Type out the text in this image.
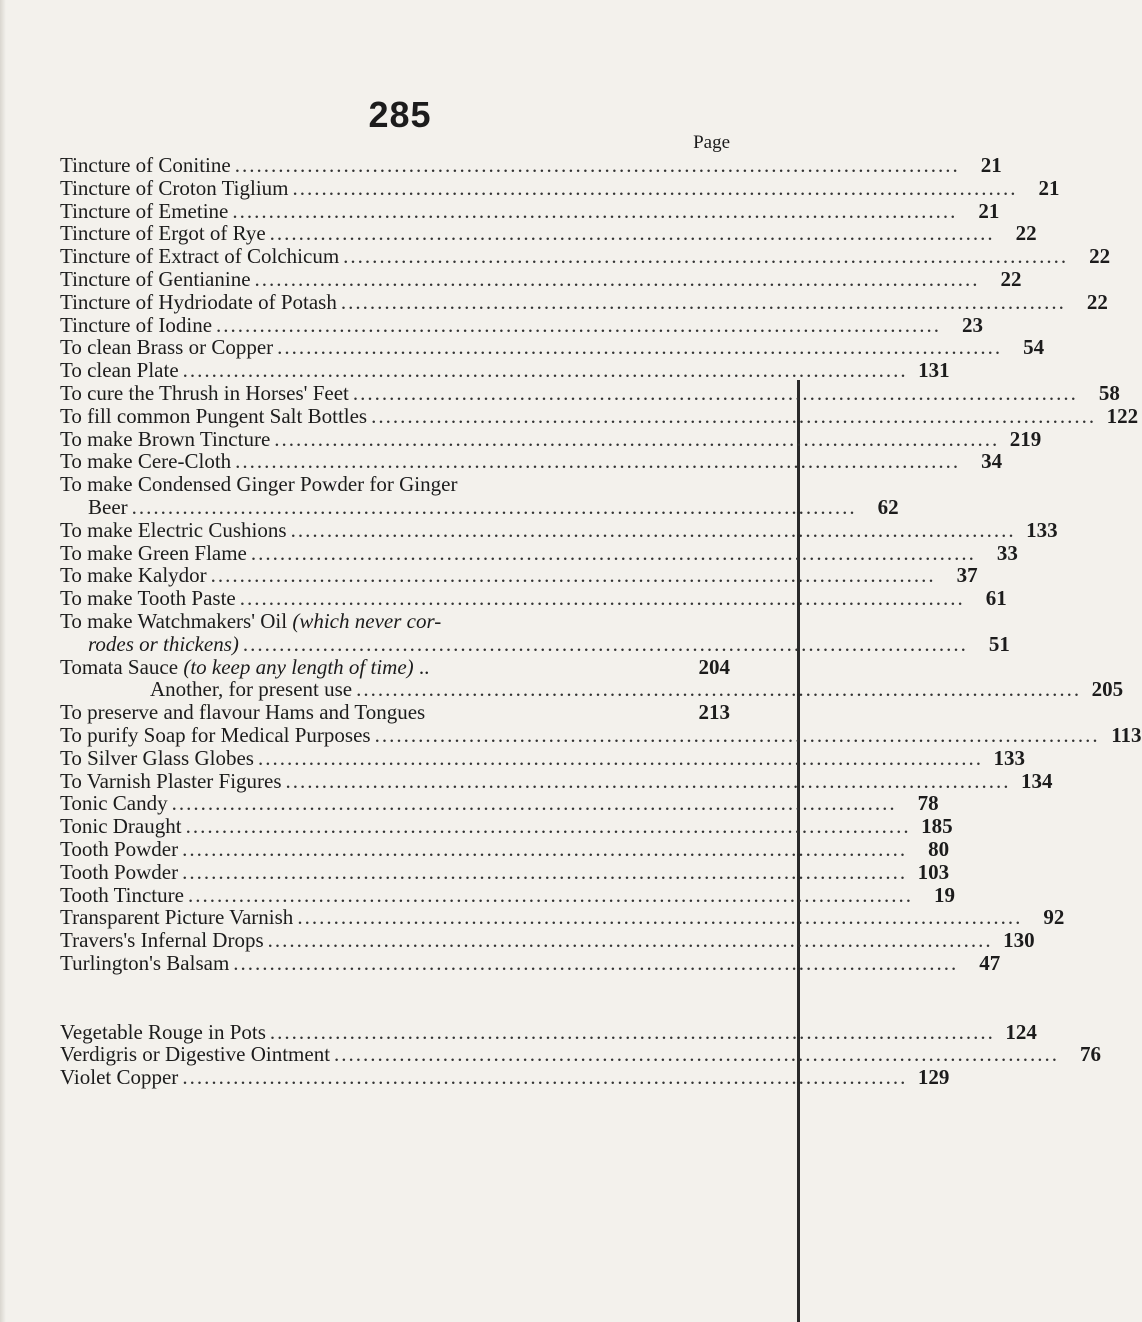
285
Page
Tincture of Conitine ....................................................................................................	21
Tincture of Croton Tiglium ....................................................................................................	21
Tincture of Emetine ....................................................................................................	21
Tincture of Ergot of Rye ....................................................................................................	22
Tincture of Extract of Colchicum ....................................................................................................	22
Tincture of Gentianine ....................................................................................................	22
Tincture of Hydriodate of Potash ....................................................................................................	22
Tincture of Iodine ....................................................................................................	23
To clean Brass or Copper ....................................................................................................	54
To clean Plate .................................................................................................... 131
To cure the Thrush in Horses' Feet ....................................................................................................	58
To fill common Pungent Salt Bottles .................................................................................................... 122
To make Brown Tincture .................................................................................................... 219
To make Cere-Cloth ....................................................................................................	34
To make Condensed Ginger Powder for Ginger
Beer ....................................................................................................	62
To make Electric Cushions .................................................................................................... 133
To make Green Flame ....................................................................................................	33
To make Kalydor ....................................................................................................	37
To make Tooth Paste ....................................................................................................	61
To make Watchmakers' Oil (which never cor-
rodes or thickens) ....................................................................................................	51
Tomata Sauce (to keep any length of time) ..	204
Another, for present use .................................................................................................... 205
To preserve and flavour Hams and Tongues	213
To purify Soap for Medical Purposes .................................................................................................... 113
To Silver Glass Globes .................................................................................................... 133
To Varnish Plaster Figures .................................................................................................... 134
Tonic Candy ....................................................................................................	78
Tonic Draught .................................................................................................... 185
Tooth Powder ....................................................................................................	80
Tooth Powder .................................................................................................... 103
Tooth Tincture ....................................................................................................	19
Transparent Picture Varnish ....................................................................................................	92
Travers's Infernal Drops .................................................................................................... 130
Turlington's Balsam ....................................................................................................	47
Vegetable Rouge in Pots .................................................................................................... 124
Verdigris or Digestive Ointment ....................................................................................................	76
Violet Copper .................................................................................................... 129
